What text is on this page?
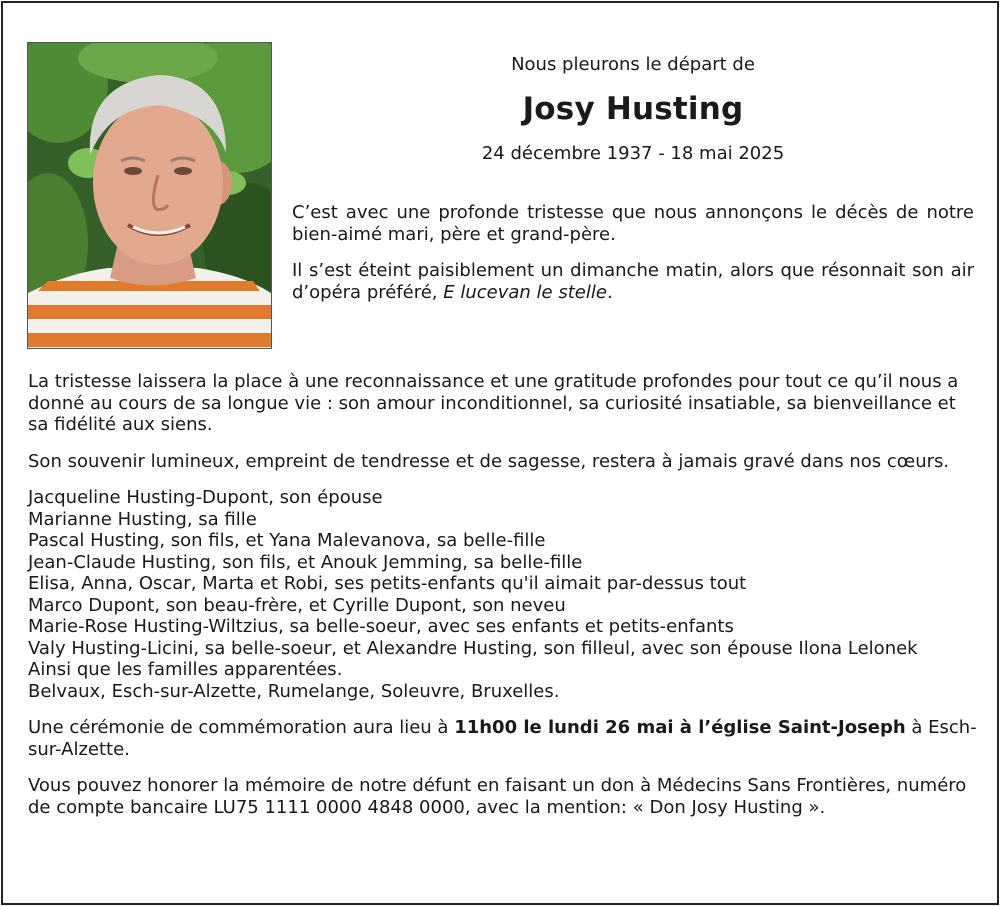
Nous pleurons le départ de

Josy Husting

24 décembre 1937 - 18 mai 2025

C’est avec une profonde tristesse que nous annonçons le décès de notre bien-aimé mari, père et grand-père.

Il s’est éteint paisiblement un dimanche matin, alors que résonnait son air d’opéra préféré, E lucevan le stelle.

La tristesse laissera la place à une reconnaissance et une gratitude profondes pour tout ce qu’il nous a donné au cours de sa longue vie : son amour inconditionnel, sa curiosité insatiable, sa bienveillance et sa fidélité aux siens.

Son souvenir lumineux, empreint de tendresse et de sagesse, restera à jamais gravé dans nos cœurs.

Jacqueline Husting-Dupont, son épouse

Marianne Husting, sa fille

Pascal Husting, son fils, et Yana Malevanova, sa belle-fille

Jean-Claude Husting, son fils, et Anouk Jemming, sa belle-fille

Elisa, Anna, Oscar, Marta et Robi, ses petits-enfants qu'il aimait par-dessus tout

Marco Dupont, son beau-frère, et Cyrille Dupont, son neveu

Marie-Rose Husting-Wiltzius, sa belle-soeur, avec ses enfants et petits-enfants

Valy Husting-Licini, sa belle-soeur, et Alexandre Husting, son filleul, avec son épouse Ilona Lelonek

Ainsi que les familles apparentées.

Belvaux, Esch-sur-Alzette, Rumelange, Soleuvre, Bruxelles.

Une cérémonie de commémoration aura lieu à 11h00 le lundi 26 mai à l’église Saint-Joseph à Esch-sur-Alzette.

Vous pouvez honorer la mémoire de notre défunt en faisant un don à Médecins Sans Frontières, numéro de compte bancaire LU75 1111 0000 4848 0000, avec la mention: « Don Josy Husting ».
